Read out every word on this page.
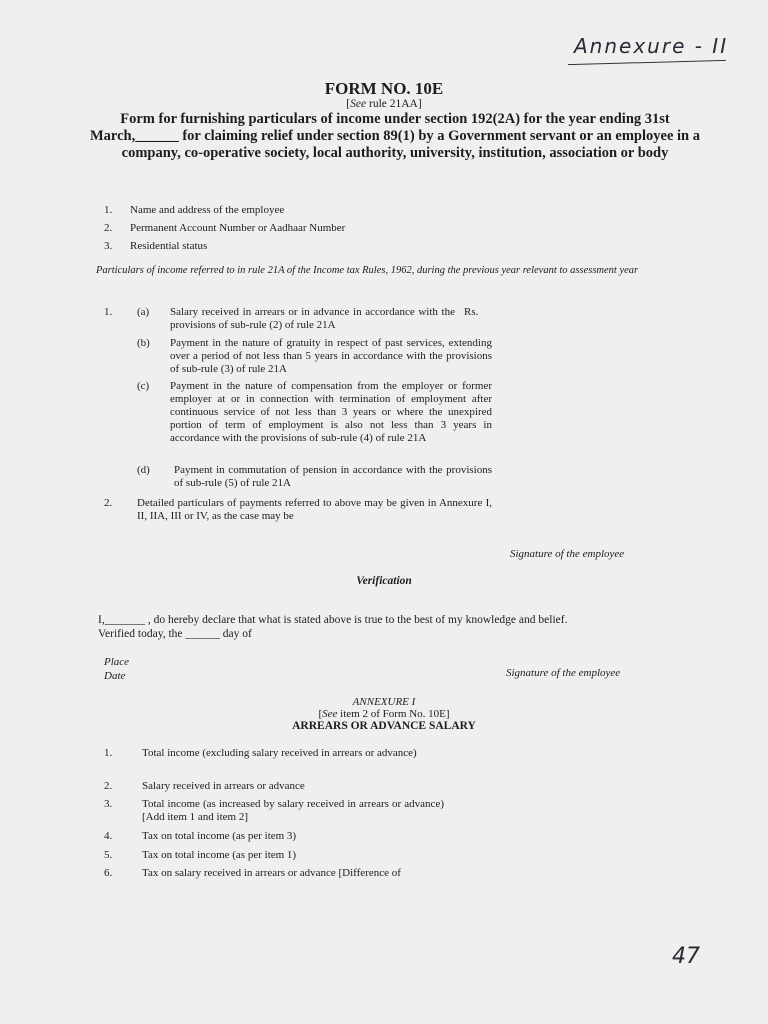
Annexure - II
FORM NO. 10E
[See rule 21AA]
Form for furnishing particulars of income under section 192(2A) for the year ending 31st March,______ for claiming relief under section 89(1) by a Government servant or an employee in a company, co-operative society, local authority, university, institution, association or body
1. Name and address of the employee
2. Permanent Account Number or Aadhaar Number
3. Residential status
Particulars of income referred to in rule 21A of the Income tax Rules, 1962, during the previous year relevant to assessment year
1. (a) Salary received in arrears or in advance in accordance with the provisions of sub-rule (2) of rule 21A
Rs.
(b) Payment in the nature of gratuity in respect of past services, extending over a period of not less than 5 years in accordance with the provisions of sub-rule (3) of rule 21A
(c) Payment in the nature of compensation from the employer or former employer at or in connection with termination of employment after continuous service of not less than 3 years or where the unexpired portion of term of employment is also not less than 3 years in accordance with the provisions of sub-rule (4) of rule 21A
(d) Payment in commutation of pension in accordance with the provisions of sub-rule (5) of rule 21A
2. Detailed particulars of payments referred to above may be given in Annexure I, II, IIA, III or IV, as the case may be
Signature of the employee
Verification
I,_______ , do hereby declare that what is stated above is true to the best of my knowledge and belief.
Verified today, the ______ day of
Place
Date	Signature of the employee
ANNEXURE I
[See item 2 of Form No. 10E]
ARREARS OR ADVANCE SALARY
1.	Total income (excluding salary received in arrears or advance)
2.	Salary received in arrears or advance
3.	Total income (as increased by salary received in arrears or advance)[Add item 1 and item 2]
4.	Tax on total income (as per item 3)
5.	Tax on total income (as per item 1)
6.	Tax on salary received in arrears or advance [Difference of
47
